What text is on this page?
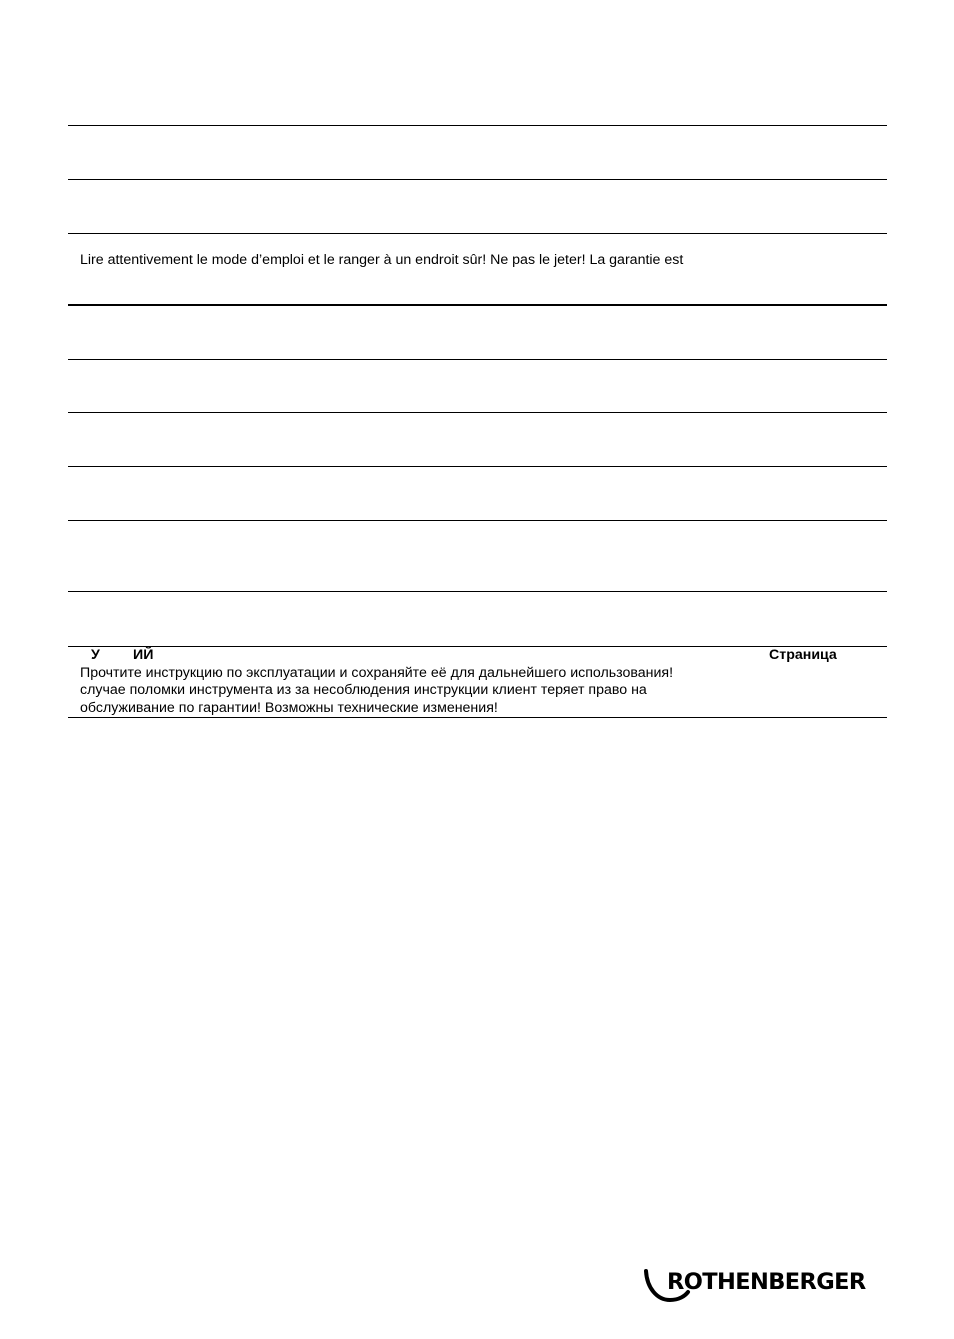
Lire attentivement le mode d’emploi et le ranger à un endroit sûr! Ne pas le jeter! La garantie est
У ИЙ	Страница
Прочтите инструкцию по эксплуатации и сохраняйте её для дальнейшего использования!
случае поломки инструмента из за несоблюдения инструкции клиент теряет право на
обслуживание по гарантии! Возможны технические изменения!
ROTHENBERGER
